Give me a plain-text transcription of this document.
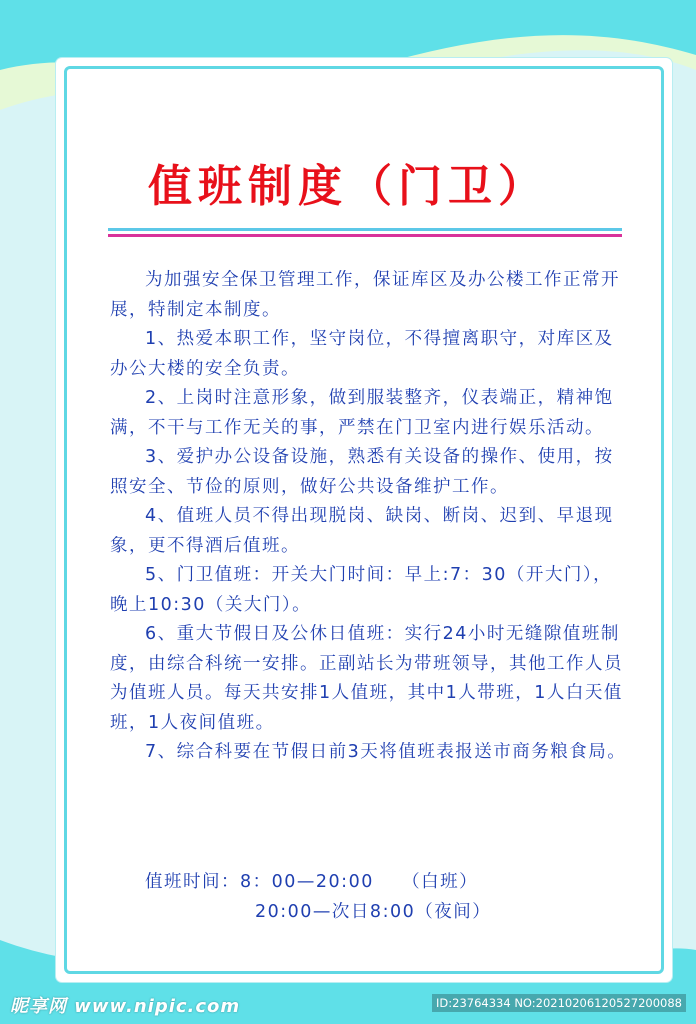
值班制度（门卫）

为加强安全保卫管理工作，保证库区及办公楼工作正常开展，特制定本制度。

1、热爱本职工作，坚守岗位，不得擅离职守，对库区及办公大楼的安全负责。

2、上岗时注意形象，做到服装整齐，仪表端正，精神饱满，不干与工作无关的事，严禁在门卫室内进行娱乐活动。

3、爱护办公设备设施，熟悉有关设备的操作、使用，按照安全、节俭的原则，做好公共设备维护工作。

4、值班人员不得出现脱岗、缺岗、断岗、迟到、早退现象，更不得酒后值班。

5、门卫值班：开关大门时间：早上:7：30（开大门），晚上10:30（关大门）。

6、重大节假日及公休日值班：实行24小时无缝隙值班制度，由综合科统一安排。正副站长为带班领导，其他工作人员为值班人员。每天共安排1人值班，其中1人带班，1人白天值班，1人夜间值班。

7、综合科要在节假日前3天将值班表报送市商务粮食局。

值班时间：8：00—20:00    （白班）
20:00—次日8:00（夜间）
昵享网 www.nipic.com	ID:23764334 NO:20210206120527200088
